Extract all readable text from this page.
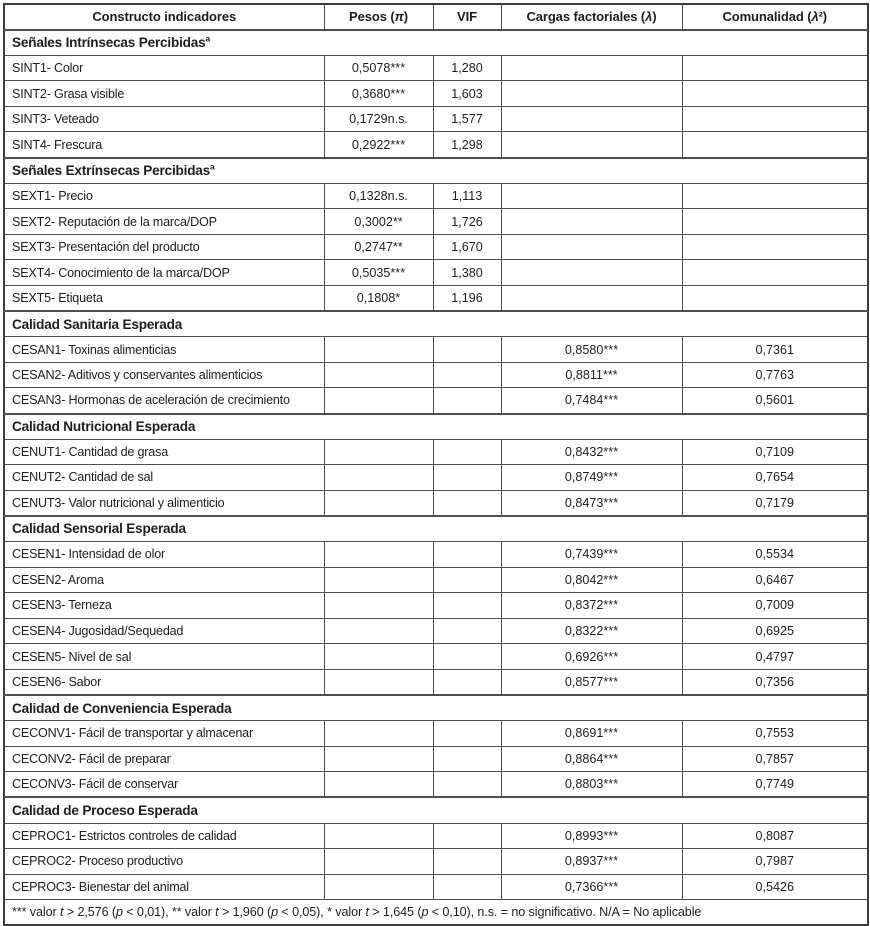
Constructo indicadores	Pesos (π)	VIF	Cargas factoriales (λ)	Comunalidad (λ²)
Señales Intrínsecas Percibidas$^a$
SINT1- Color	0,5078***	1,280		
SINT2- Grasa visible	0,3680***	1,603		
SINT3- Veteado	0,1729n.s.	1,577		
SINT4- Frescura	0,2922***	1,298		
Señales Extrínsecas Percibidas$^a$
SEXT1- Precio	0,1328n.s.	1,113		
SEXT2- Reputación de la marca/DOP	0,3002**	1,726		
SEXT3- Presentación del producto	0,2747**	1,670		
SEXT4- Conocimiento de la marca/DOP	0,5035***	1,380		
SEXT5- Etiqueta	0,1808*	1,196		
Calidad Sanitaria Esperada				
CESAN1- Toxinas alimenticias			0,8580***	0,7361
CESAN2- Aditivos y conservantes alimenticios			0,8811***	0,7763
CESAN3- Hormonas de aceleración de crecimiento			0,7484***	0,5601
Calidad Nutricional Esperada				
CENUT1- Cantidad de grasa			0,8432***	0,7109
CENUT2- Cantidad de sal			0,8749***	0,7654
CENUT3- Valor nutricional y alimenticio			0,8473***	0,7179
Calidad Sensorial Esperada				
CESEN1- Intensidad de olor			0,7439***	0,5534
CESEN2- Aroma			0,8042***	0,6467
CESEN3- Terneza			0,8372***	0,7009
CESEN4- Jugosidad/Sequedad			0,8322***	0,6925
CESEN5- Nivel de sal			0,6926***	0,4797
CESEN6- Sabor			0,8577***	0,7356
Calidad de Conveniencia Esperada				
CECONV1- Fácil de transportar y almacenar			0,8691***	0,7553
CECONV2- Fácil de preparar			0,8864***	0,7857
CECONV3- Fácil de conservar			0,8803***	0,7749
Calidad de Proceso Esperada				
CEPROC1- Estrictos controles de calidad			0,8993***	0,8087
CEPROC2- Proceso productivo			0,8937***	0,7987
CEPROC3- Bienestar del animal			0,7366***	0,5426
*** valor t > 2,576 (p < 0,01), ** valor t > 1,960 (p < 0,05), * valor t > 1,645 (p < 0,10), n.s. = no significativo. N/A = No aplicable				
